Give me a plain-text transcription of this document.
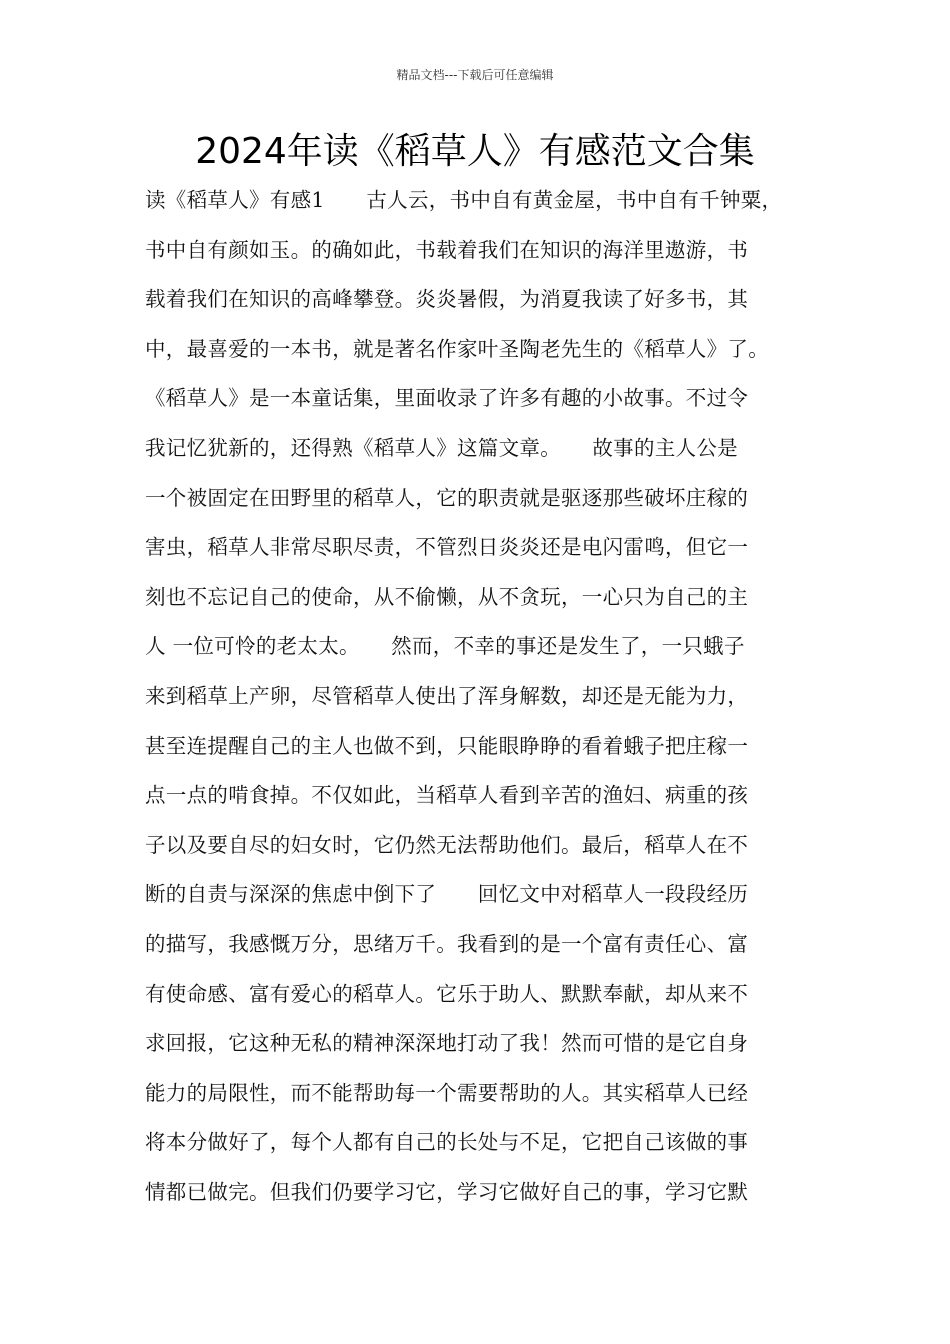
精品文档---下载后可任意编辑
2024年读《稻草人》有感范文合集
读《稻草人》有感1　　古人云，书中自有黄金屋，书中自有千钟粟，
书中自有颜如玉。的确如此，书载着我们在知识的海洋里遨游，书
载着我们在知识的高峰攀登。炎炎暑假，为消夏我读了好多书，其
中，最喜爱的一本书，就是著名作家叶圣陶老先生的《稻草人》了。
《稻草人》是一本童话集，里面收录了许多有趣的小故事。不过令
我记忆犹新的，还得熟《稻草人》这篇文章。　　故事的主人公是
一个被固定在田野里的稻草人，它的职责就是驱逐那些破坏庄稼的
害虫，稻草人非常尽职尽责，不管烈日炎炎还是电闪雷鸣，但它一
刻也不忘记自己的使命，从不偷懒，从不贪玩，一心只为自己的主
人 一位可怜的老太太。　　然而，不幸的事还是发生了，一只蛾子
来到稻草上产卵，尽管稻草人使出了浑身解数，却还是无能为力，
甚至连提醒自己的主人也做不到，只能眼睁睁的看着蛾子把庄稼一
点一点的啃食掉。不仅如此，当稻草人看到辛苦的渔妇、病重的孩
子以及要自尽的妇女时，它仍然无法帮助他们。最后，稻草人在不
断的自责与深深的焦虑中倒下了　　回忆文中对稻草人一段段经历
的描写，我感慨万分，思绪万千。我看到的是一个富有责任心、富
有使命感、富有爱心的稻草人。它乐于助人、默默奉献，却从来不
求回报，它这种无私的精神深深地打动了我！然而可惜的是它自身
能力的局限性，而不能帮助每一个需要帮助的人。其实稻草人已经
将本分做好了，每个人都有自己的长处与不足，它把自己该做的事
情都已做完。但我们仍要学习它，学习它做好自己的事，学习它默
